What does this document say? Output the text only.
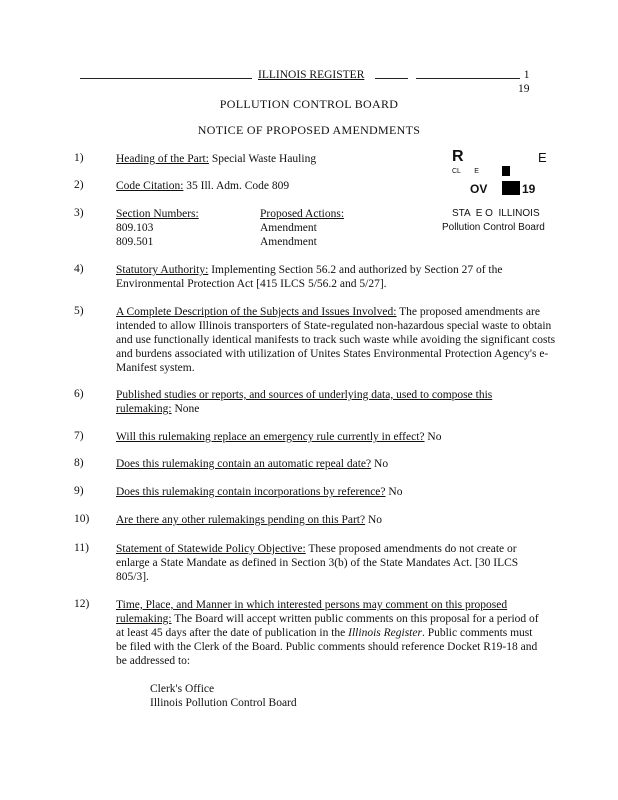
ILLINOIS REGISTER	1
19
POLLUTION CONTROL BOARD
NOTICE OF PROPOSED AMENDMENTS
R	E
CL       E
OV	19
STA  E O  ILLINOIS
Pollution Control Board
1)	Heading of the Part: Special Waste Hauling
2)	Code Citation: 35 Ill. Adm. Code 809
3)	Section Numbers:	Proposed Actions:
809.103	Amendment
809.501	Amendment
4)	Statutory Authority: Implementing Section 56.2 and authorized by Section 27 of the Environmental Protection Act [415 ILCS 5/56.2 and 5/27].
5)	A Complete Description of the Subjects and Issues Involved: The proposed amendments are intended to allow Illinois transporters of State-regulated non-hazardous special waste to obtain and use functionally identical manifests to track such waste while avoiding the significant costs and burdens associated with utilization of Unites States Environmental Protection Agency's e-Manifest system.
6)	Published studies or reports, and sources of underlying data, used to compose this rulemaking: None
7)	Will this rulemaking replace an emergency rule currently in effect? No
8)	Does this rulemaking contain an automatic repeal date? No
9)	Does this rulemaking contain incorporations by reference? No
10) Are there any other rulemakings pending on this Part? No
11) Statement of Statewide Policy Objective: These proposed amendments do not create or enlarge a State Mandate as defined in Section 3(b) of the State Mandates Act. [30 ILCS 805/3].
12) Time, Place, and Manner in which interested persons may comment on this proposed rulemaking: The Board will accept written public comments on this proposal for a period of at least 45 days after the date of publication in the Illinois Register. Public comments must be filed with the Clerk of the Board. Public comments should reference Docket R19-18 and be addressed to:
Clerk's Office
Illinois Pollution Control Board
